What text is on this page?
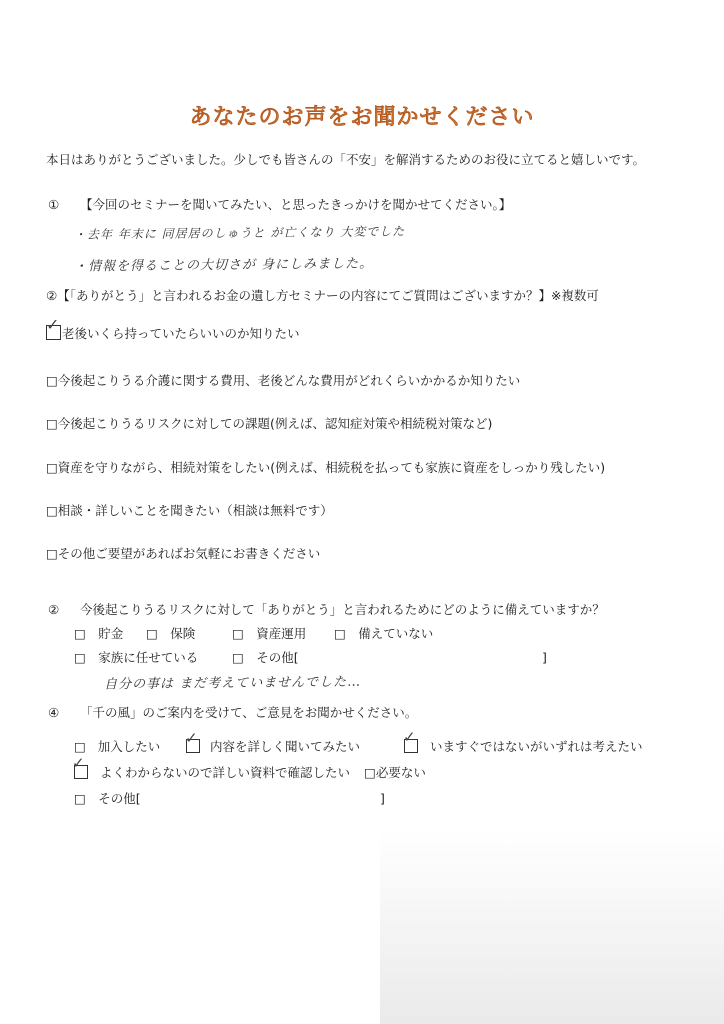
あなたのお声をお聞かせください
本日はありがとうございました。少しでも皆さんの「不安」を解消するためのお役に立てると嬉しいです。
① 【今回のセミナーを聞いてみたい、と思ったきっかけを聞かせてください。】
・去年 年末に 同居居のしゅうと が亡くなり 大変でした
・情報を得ることの大切さが 身にしみました。
②【「ありがとう」と言われるお金の遺し方セミナーの内容にてご質問はございますか？】※複数可
✓ 老後いくら持っていたらいいのか知りたい
□今後起こりうる介護に関する費用、老後どんな費用がどれくらいかかるか知りたい
□今後起こりうるリスクに対しての課題(例えば、認知症対策や相続税対策など)
□資産を守りながら、相続対策をしたい(例えば、相続税を払っても家族に資産をしっかり残したい)
□相談・詳しいことを聞きたい（相談は無料です）
□その他ご要望があればお気軽にお書きください
② 今後起こりうるリスクに対して「ありがとう」と言われるためにどのように備えていますか？
□　貯金 □　保険	□　資産運用 □　備えていない
□　家族に任せている	□　その他[	]
自分の事は まだ考えていませんでした…
④ 「千の風」のご案内を受けて、ご意見をお聞かせください。
□ 加入したい
✓ 内容を詳しく聞いてみたい

✓
いますぐではないがいずれは考えたい

✓
よくわからないので詳しい資料で確認したい □必要ない
□　その他[	]
